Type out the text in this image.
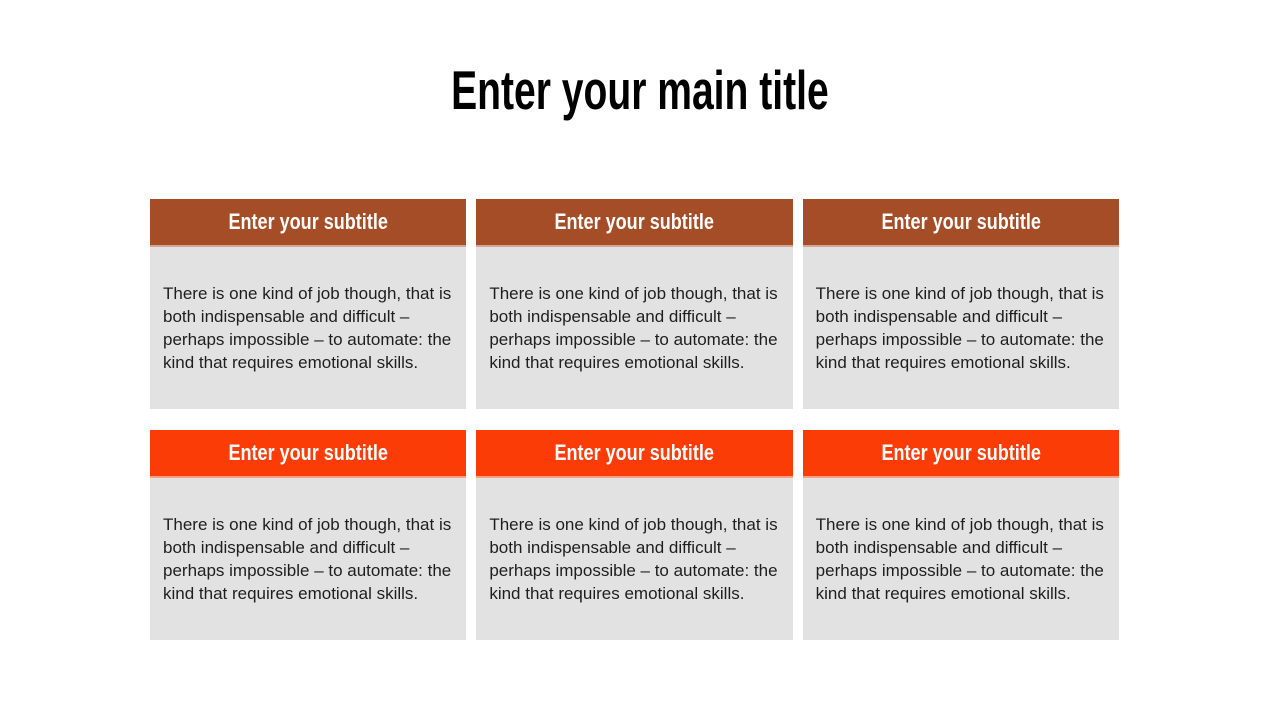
Enter your main title
Enter your subtitle

There is one kind of job though, that is both indispensable and difficult – perhaps impossible – to automate: the kind that requires emotional skills.

Enter your subtitle

There is one kind of job though, that is both indispensable and difficult – perhaps impossible – to automate: the kind that requires emotional skills.

Enter your subtitle

There is one kind of job though, that is both indispensable and difficult – perhaps impossible – to automate: the kind that requires emotional skills.

Enter your subtitle

There is one kind of job though, that is both indispensable and difficult – perhaps impossible – to automate: the kind that requires emotional skills.

Enter your subtitle

There is one kind of job though, that is both indispensable and difficult – perhaps impossible – to automate: the kind that requires emotional skills.

Enter your subtitle

There is one kind of job though, that is both indispensable and difficult – perhaps impossible – to automate: the kind that requires emotional skills.
